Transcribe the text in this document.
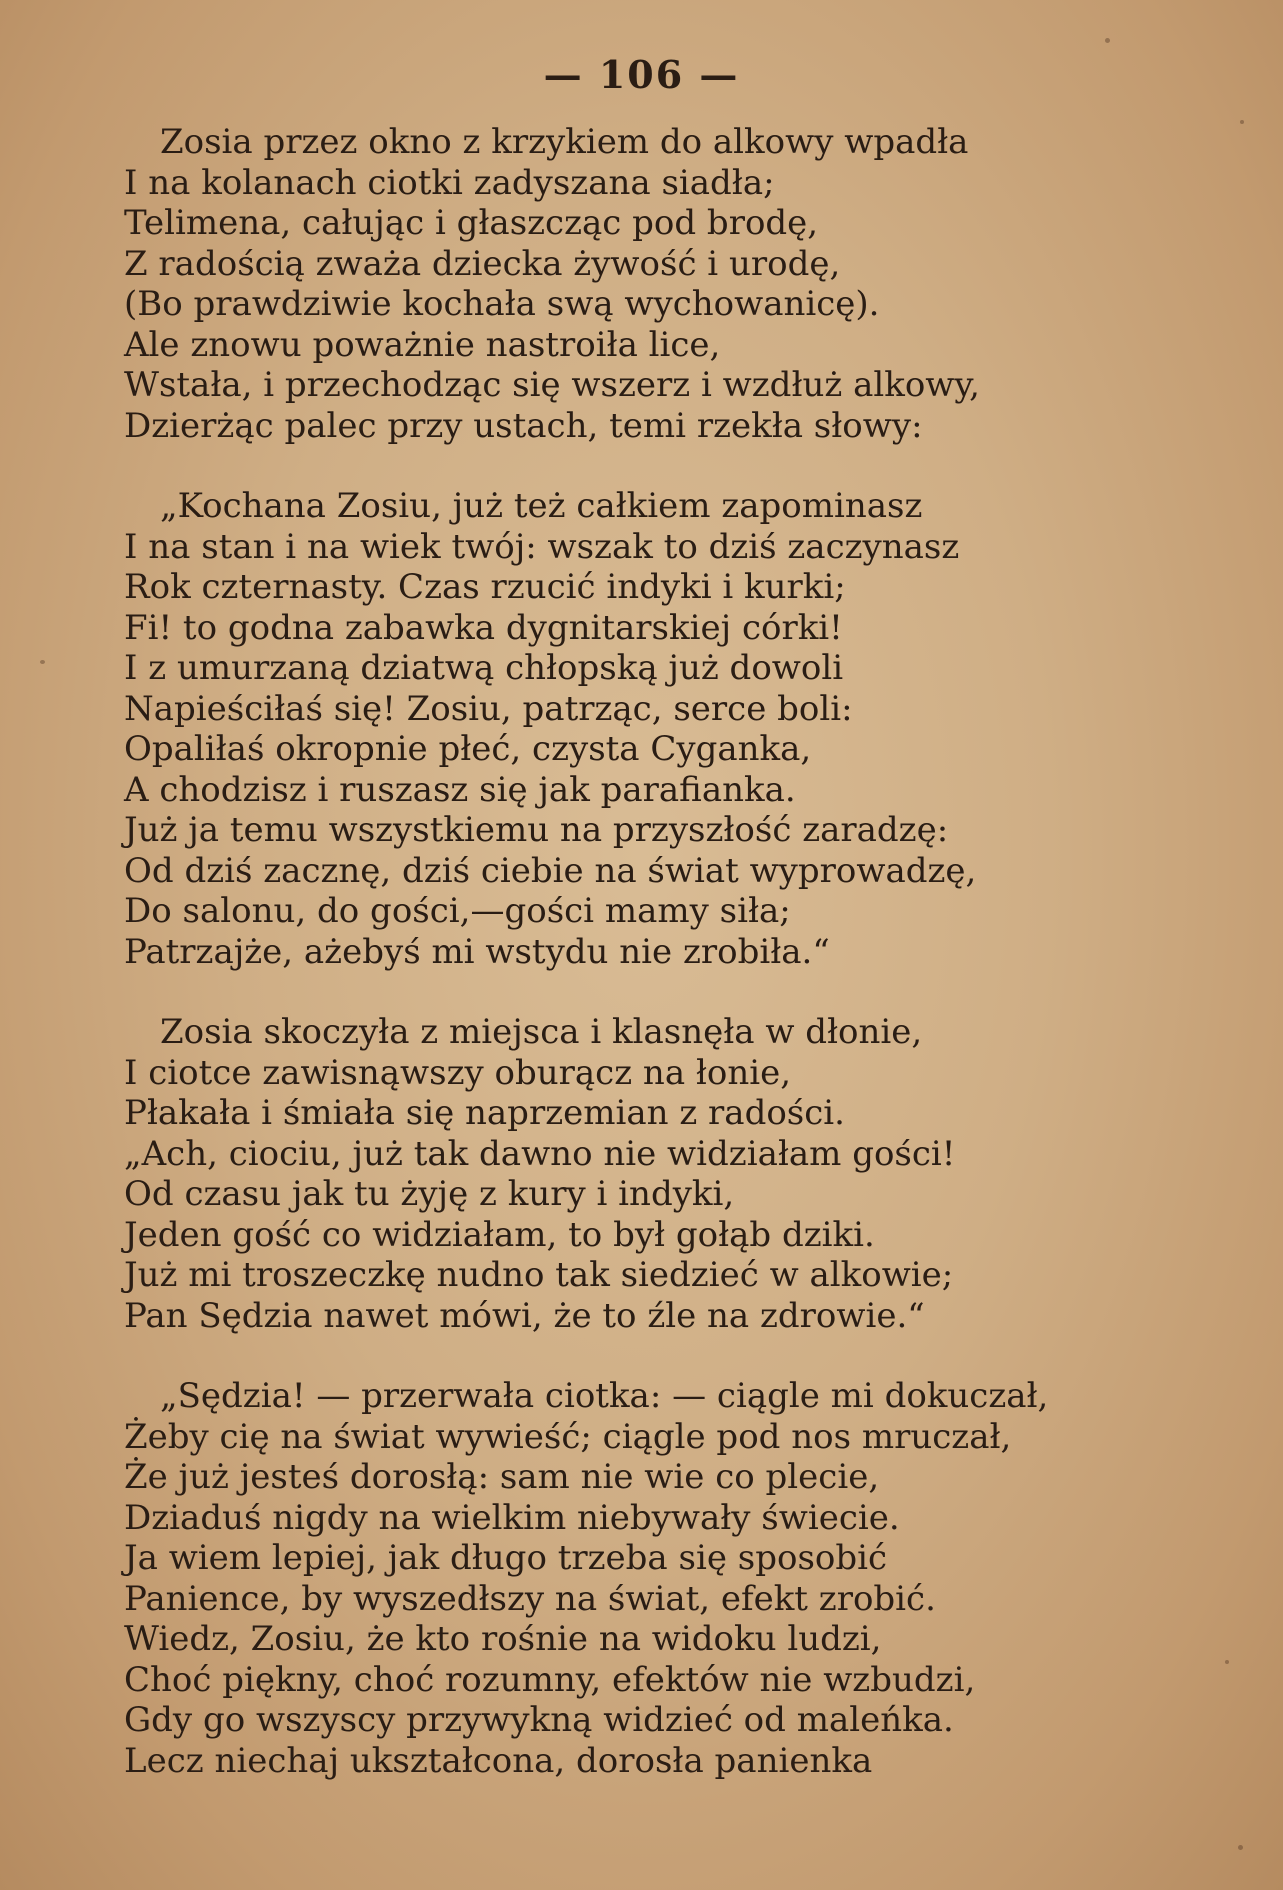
— 106 —
Zosia przez okno z krzykiem do alkowy wpadła
I na kolanach ciotki zadyszana siadła;
Telimena, całując i głaszcząc pod brodę,
Z radością zważa dziecka żywość i urodę,
(Bo prawdziwie kochała swą wychowanicę).
Ale znowu poważnie nastroiła lice,
Wstała, i przechodząc się wszerz i wzdłuż alkowy,
Dzierżąc palec przy ustach, temi rzekła słowy:
„Kochana Zosiu, już też całkiem zapominasz
I na stan i na wiek twój: wszak to dziś zaczynasz
Rok czternasty. Czas rzucić indyki i kurki;
Fi! to godna zabawka dygnitarskiej córki!
I z umurzaną dziatwą chłopską już dowoli
Napieściłaś się! Zosiu, patrząc, serce boli:
Opaliłaś okropnie płeć, czysta Cyganka,
A chodzisz i ruszasz się jak parafianka.
Już ja temu wszystkiemu na przyszłość zaradzę:
Od dziś zacznę, dziś ciebie na świat wyprowadzę,
Do salonu, do gości,—gości mamy siła;
Patrzajże, ażebyś mi wstydu nie zrobiła.“
Zosia skoczyła z miejsca i klasnęła w dłonie,
I ciotce zawisnąwszy oburącz na łonie,
Płakała i śmiała się naprzemian z radości.
„Ach, ciociu, już tak dawno nie widziałam gości!
Od czasu jak tu żyję z kury i indyki,
Jeden gość co widziałam, to był gołąb dziki.
Już mi troszeczkę nudno tak siedzieć w alkowie;
Pan Sędzia nawet mówi, że to źle na zdrowie.“
„Sędzia! — przerwała ciotka: — ciągle mi dokuczał,
Żeby cię na świat wywieść; ciągle pod nos mruczał,
Że już jesteś dorosłą: sam nie wie co plecie,
Dziaduś nigdy na wielkim niebywały świecie.
Ja wiem lepiej, jak długo trzeba się sposobić
Panience, by wyszedłszy na świat, efekt zrobić.
Wiedz, Zosiu, że kto rośnie na widoku ludzi,
Choć piękny, choć rozumny, efektów nie wzbudzi,
Gdy go wszyscy przywykną widzieć od maleńka.
Lecz niechaj ukształcona, dorosła panienka
